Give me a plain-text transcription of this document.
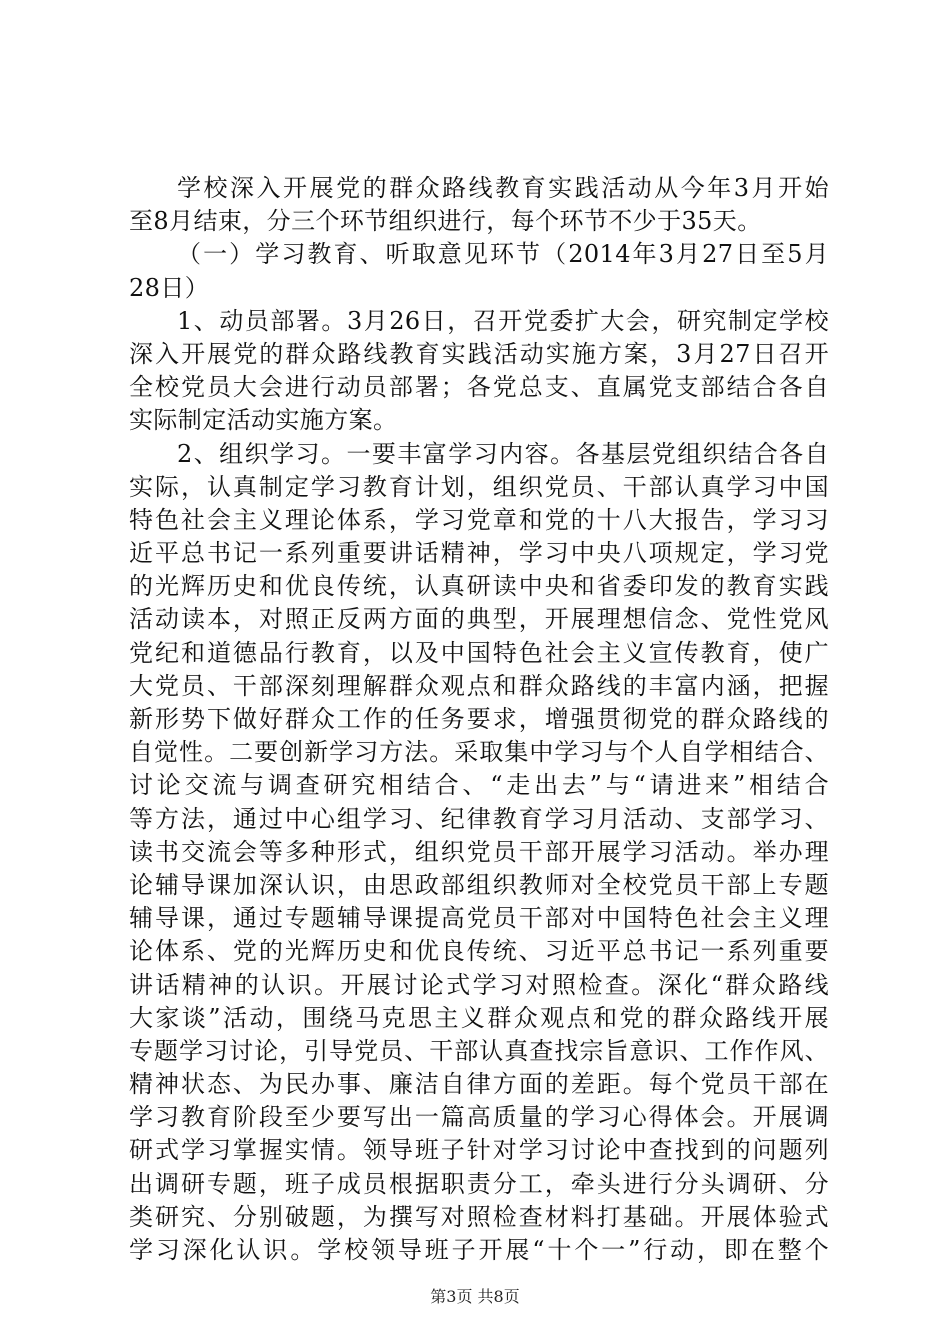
学校深入开展党的群众路线教育实践活动从今年3月开始
至8月结束，分三个环节组织进行，每个环节不少于35天。
（一）学习教育、听取意见环节（2014年3月27日至5月
28日）
1、动员部署。3月26日，召开党委扩大会，研究制定学校
深入开展党的群众路线教育实践活动实施方案，3月27日召开
全校党员大会进行动员部署；各党总支、直属党支部结合各自
实际制定活动实施方案。
2、组织学习。一要丰富学习内容。各基层党组织结合各自
实际，认真制定学习教育计划，组织党员、干部认真学习中国
特色社会主义理论体系，学习党章和党的十八大报告，学习习
近平总书记一系列重要讲话精神，学习中央八项规定，学习党
的光辉历史和优良传统，认真研读中央和省委印发的教育实践
活动读本，对照正反两方面的典型，开展理想信念、党性党风
党纪和道德品行教育，以及中国特色社会主义宣传教育，使广
大党员、干部深刻理解群众观点和群众路线的丰富内涵，把握
新形势下做好群众工作的任务要求，增强贯彻党的群众路线的
自觉性。二要创新学习方法。采取集中学习与个人自学相结合、
讨论交流与调查研究相结合、“走出去”与“请进来”相结合
等方法，通过中心组学习、纪律教育学习月活动、支部学习、
读书交流会等多种形式，组织党员干部开展学习活动。举办理
论辅导课加深认识，由思政部组织教师对全校党员干部上专题
辅导课，通过专题辅导课提高党员干部对中国特色社会主义理
论体系、党的光辉历史和优良传统、习近平总书记一系列重要
讲话精神的认识。开展讨论式学习对照检查。深化“群众路线
大家谈”活动，围绕马克思主义群众观点和党的群众路线开展
专题学习讨论，引导党员、干部认真查找宗旨意识、工作作风、
精神状态、为民办事、廉洁自律方面的差距。每个党员干部在
学习教育阶段至少要写出一篇高质量的学习心得体会。开展调
研式学习掌握实情。领导班子针对学习讨论中查找到的问题列
出调研专题，班子成员根据职责分工，牵头进行分头调研、分
类研究、分别破题，为撰写对照检查材料打基础。开展体验式
学习深化认识。学校领导班子开展“十个一”行动，即在整个
第3页 共8页
